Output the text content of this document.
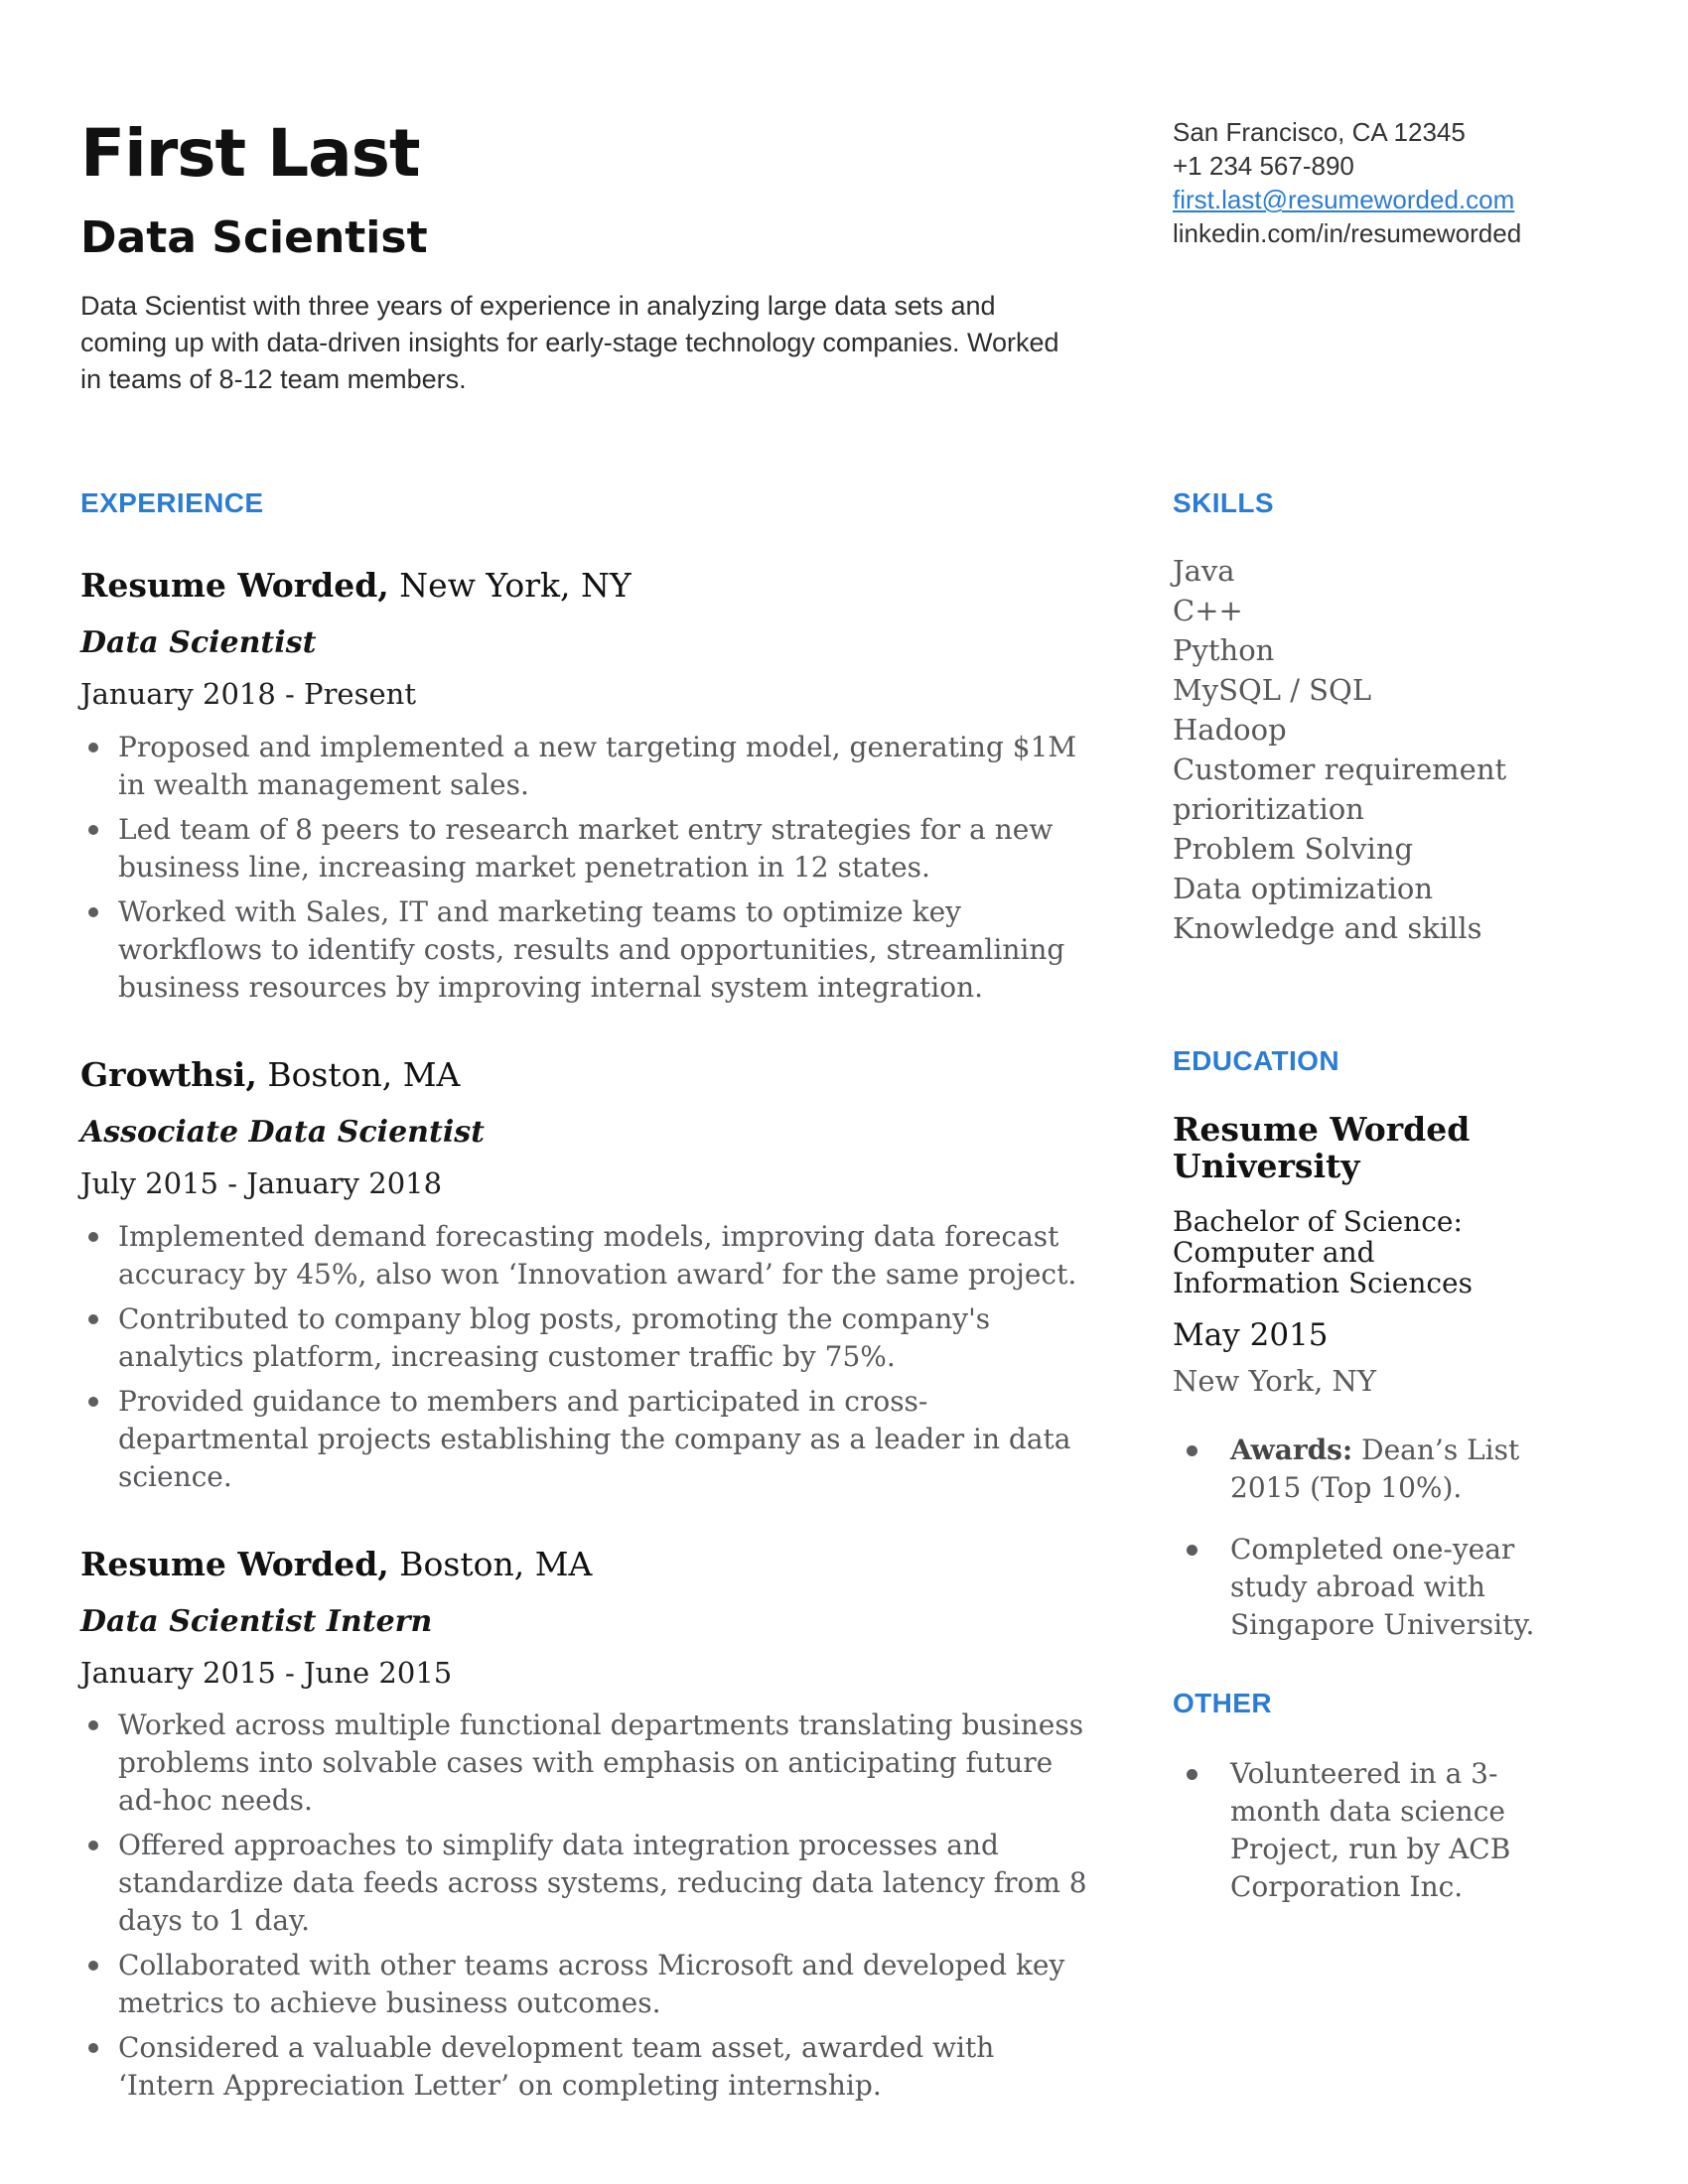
First Last
Data Scientist

Data Scientist with three years of experience in analyzing large data sets and coming up with data-driven insights for early-stage technology companies. Worked in teams of 8-12 team members.

San Francisco, CA 12345
+1 234 567-890
first.last@resumeworded.com
linkedin.com/in/resumeworded
EXPERIENCE
Resume Worded, New York, NY
Data Scientist
January 2018 - Present
Proposed and implemented a new targeting model, generating $1M in wealth management sales.
Led team of 8 peers to research market entry strategies for a new business line, increasing market penetration in 12 states.
Worked with Sales, IT and marketing teams to optimize key workflows to identify costs, results and opportunities, streamlining business resources by improving internal system integration.
Growthsi, Boston, MA
Associate Data Scientist
July 2015 - January 2018
Implemented demand forecasting models, improving data forecast accuracy by 45%, also won ‘Innovation award’ for the same project.
Contributed to company blog posts, promoting the company's analytics platform, increasing customer traffic by 75%.
Provided guidance to members and participated in cross-departmental projects establishing the company as a leader in data science.
Resume Worded, Boston, MA
Data Scientist Intern
January 2015 - June 2015
Worked across multiple functional departments translating business problems into solvable cases with emphasis on anticipating future ad-hoc needs.
Offered approaches to simplify data integration processes and standardize data feeds across systems, reducing data latency from 8 days to 1 day.
Collaborated with other teams across Microsoft and developed key metrics to achieve business outcomes.
Considered a valuable development team asset, awarded with ‘Intern Appreciation Letter’ on completing internship.
SKILLS
Java
C++
Python
MySQL / SQL
Hadoop
Customer requirement prioritization
Problem Solving
Data optimization Knowledge and skills
EDUCATION
Resume Worded University
Bachelor of Science: Computer and Information Sciences
May 2015
New York, NY
Awards: Dean’s List 2015 (Top 10%).
Completed one-year study abroad with Singapore University.
OTHER
Volunteered in a 3-month data science Project, run by ACB Corporation Inc.
